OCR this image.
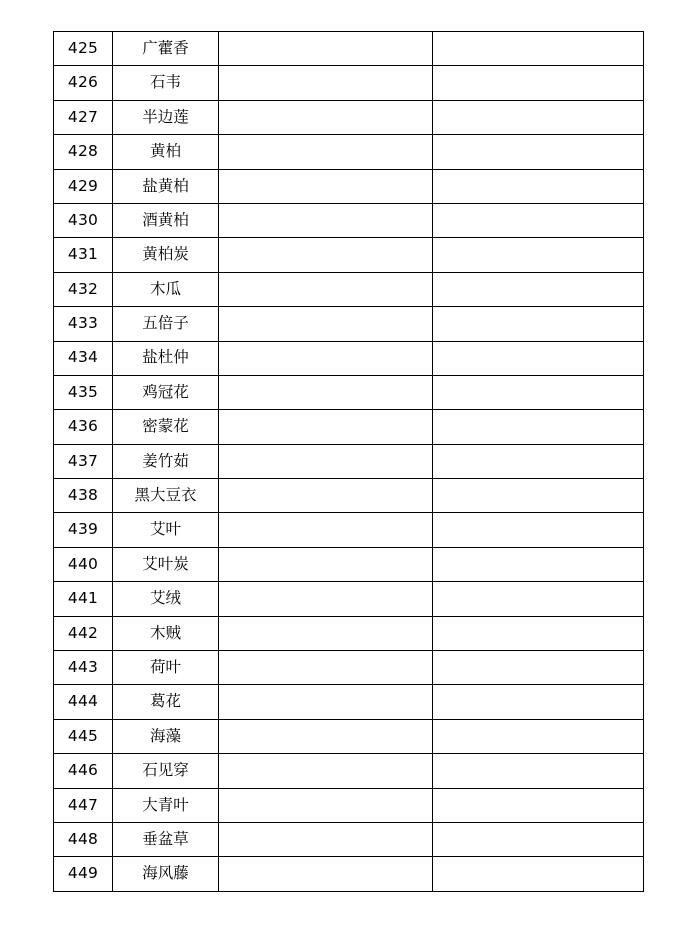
425	广藿香		
426	石韦		
427	半边莲		
428	黄柏		
429	盐黄柏		
430	酒黄柏		
431	黄柏炭		
432	木瓜		
433	五倍子		
434	盐杜仲		
435	鸡冠花		
436	密蒙花		
437	姜竹茹		
438	黑大豆衣		
439	艾叶		
440	艾叶炭		
441	艾绒		
442	木贼		
443	荷叶		
444	葛花		
445	海藻		
446	石见穿		
447	大青叶		
448	垂盆草		
449	海风藤		
